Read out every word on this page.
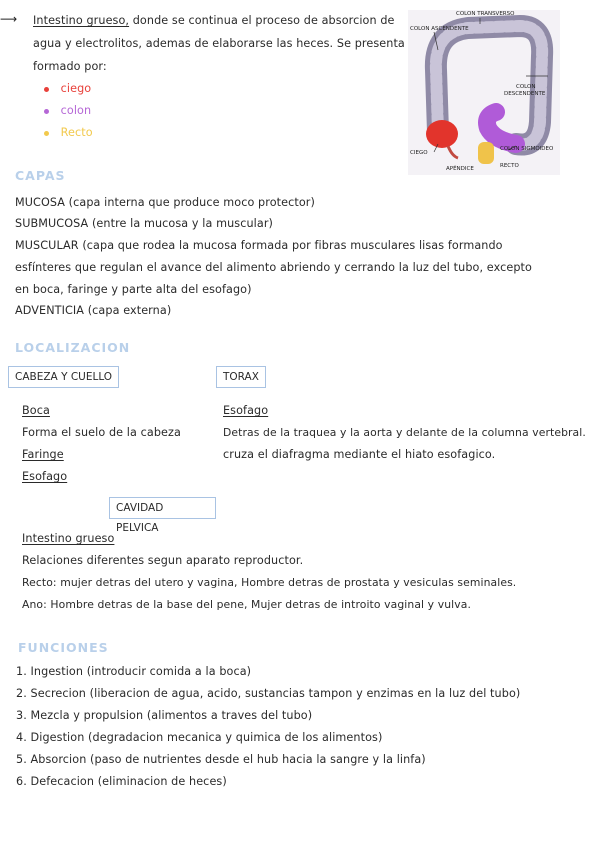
⟶ Intestino grueso, donde se continua el proceso de absorcion de
agua y electrolitos, ademas de elaborarse las heces. Se presenta
formado por:
ciego
colon
Recto
COLON TRANSVERSO
COLON ASCENDENTE
COLON
DESCENDENTE
CIEGO
APÉNDICE
COLON SIGMOIDEO
RECTO
CAPAS
MUCOSA (capa interna que produce moco protector)
SUBMUCOSA (entre la mucosa y la muscular)
MUSCULAR (capa que rodea la mucosa formada por fibras musculares lisas formando
esfínteres que regulan el avance del alimento abriendo y cerrando la luz del tubo, excepto
en boca, faringe y parte alta del esofago)
ADVENTICIA (capa externa)
LOCALIZACION
CABEZA Y CUELLO	TORAX
Boca
Forma el suelo de la cabeza
Faringe
Esofago
Esofago
Detras de la traquea y la aorta y delante de la columna vertebral.
cruza el diafragma mediante el hiato esofagico.
CAVIDAD PELVICA
Intestino grueso
Relaciones diferentes segun aparato reproductor.
Recto: mujer detras del utero y vagina, Hombre detras de prostata y vesiculas seminales.
Ano: Hombre detras de la base del pene, Mujer detras de introito vaginal y vulva.
FUNCIONES
1. Ingestion (introducir comida a la boca)
2. Secrecion (liberacion de agua, acido, sustancias tampon y enzimas en la luz del tubo)
3. Mezcla y propulsion (alimentos a traves del tubo)
4. Digestion (degradacion mecanica y quimica de los alimentos)
5. Absorcion (paso de nutrientes desde el hub hacia la sangre y la linfa)
6. Defecacion (eliminacion de heces)
